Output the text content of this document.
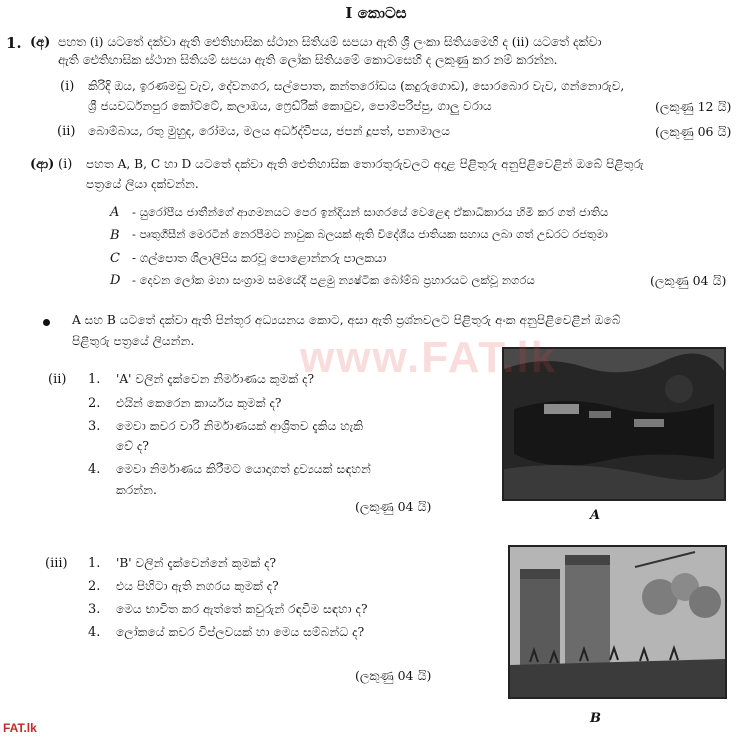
I කොටස
1. (අ) පහත (i) යටතේ දක්වා ඇති ඓතිහාසික ස්ථාන සිතියම් සපයා ඇති ශ්‍රී ලංකා සිතියමෙහි ද (ii) යටතේ දක්වා
ඇති ඓතිහාසික ස්ථාන සිතියම් සපයා ඇති ලෝක සිතියමේ කොටසෙහි ද ලකුණු කර නම් කරන්න.
(i) කිරිදි ඔය, ඉරණමඩු වැව, දේවනගර, සල්පොත, කන්තරෝඩය (කදුරුගොඩ), සොරබොර වැව, ගන්නොරුව,
ශ්‍රී ජයවර්ධනපුර කෝට්ටේ, කලාඔය, ෆ්‍රෙඩ්රික් කොටුව, පොම්පරිප්පු, ගාලු වරාය	(ලකුණු 12 යි)
(ii) බොම්බාය, රතු මුහුද, රෝමය, මලය අර්ධද්වීපය, ජපන් දූපත්, පනාමාලය	(ලකුණු 06 යි)
(ආ) (i) පහත A, B, C හා D යටතේ දක්වා ඇති ඓතිහාසික තොරතුරුවලට අදාළ පිළිතුරු අනුපිළිවෙළින් ඔබේ පිළිතුරු
පත්‍රයේ ලියා දක්වන්න.
A - යුරෝපීය ජාතීන්ගේ ආගමනයට පෙර ඉන්දියන් සාගරයේ වෙළෙඳ ඒකාධිකාරය හිමි කර ගත් ජාතිය
B - පෘතුගීසීන් මෙරටින් නෙරපීමට නාවුක බලයක් ඇති විදේශීය ජාතියක සහාය ලබා ගත් උඩරට රජතුමා
C - ගල්පොත ශිලාලිපිය කරවූ පොළොන්නරු පාලකයා
D - දෙවන ලෝක මහා සංග්‍රාම සමයේදී පළමු න්‍යෂ්ටික බෝම්බ ප්‍රහාරයට ලක්වූ නගරය	(ලකුණු 04 යි)
A සහ B යටතේ දක්වා ඇති පින්තූර අධ්‍යයනය කොට, අසා ඇති ප්‍රශ්නවලට පිළිතුරු අංක අනුපිළිවෙළින් ඔබේ
පිළිතුරු පත්‍රයේ ලියන්න.
(ii) 1. 'A' වලින් දැක්වෙන නිර්මාණය කුමක් ද?
2. එයින් කෙරෙන කාර්යය කුමක් ද?
3. මෙවා කවර වාරි නිර්මාණයක් ආශ්‍රිතව දැකිය හැකි
වේ ද?
4. මෙවා නිර්මාණය කිරීමට යොදාගත් ද්‍රව්‍යයක් සඳහන්
කරන්න.
(ලකුණු 04 යි)
A
www.FAT.lk
(iii) 1. 'B' වලින් දැක්වෙන්නේ කුමක් ද?
2. එය පිහිටා ඇති නගරය කුමක් ද?
3. මෙය භාවිත කර ඇත්තේ කවුරුන් රඳවීම සඳහා ද?
4. ලෝකයේ කවර විප්ලවයක් හා මෙය සම්බන්ධ ද?
(ලකුණු 04 යි)
B
FAT.lk
